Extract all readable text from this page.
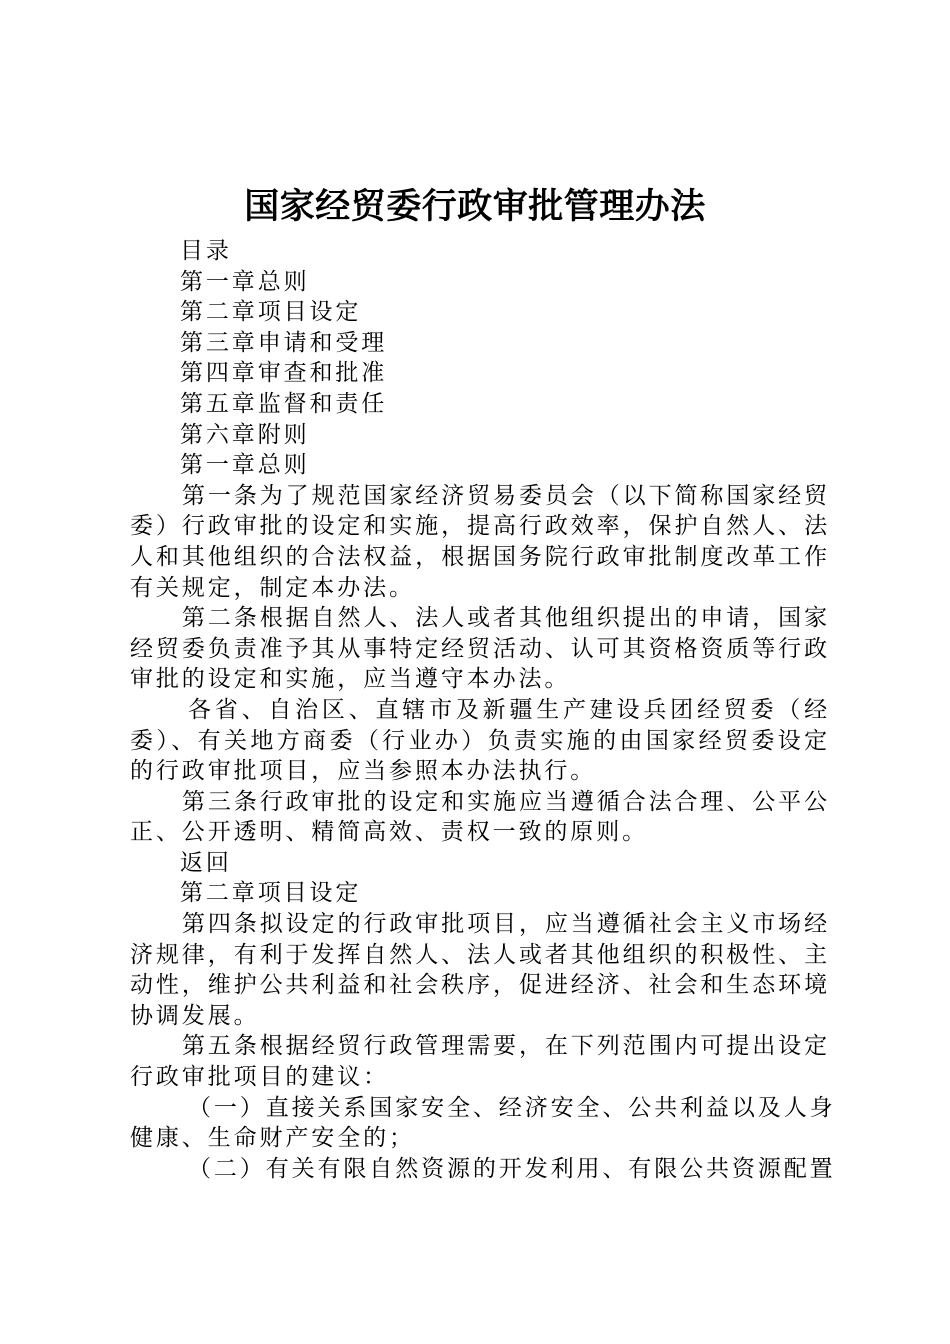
国家经贸委行政审批管理办法
目录
第一章总则
第二章项目设定
第三章申请和受理
第四章审查和批准
第五章监督和责任
第六章附则
第一章总则
第一条为了规范国家经济贸易委员会（以下简称国家经贸
委）行政审批的设定和实施，提高行政效率，保护自然人、法
人和其他组织的合法权益，根据国务院行政审批制度改革工作
有关规定，制定本办法。
第二条根据自然人、法人或者其他组织提出的申请，国家
经贸委负责准予其从事特定经贸活动、认可其资格资质等行政
审批的设定和实施，应当遵守本办法。
各省、自治区、直辖市及新疆生产建设兵团经贸委（经
委）、有关地方商委（行业办）负责实施的由国家经贸委设定
的行政审批项目，应当参照本办法执行。
第三条行政审批的设定和实施应当遵循合法合理、公平公
正、公开透明、精简高效、责权一致的原则。
返回
第二章项目设定
第四条拟设定的行政审批项目，应当遵循社会主义市场经
济规律，有利于发挥自然人、法人或者其他组织的积极性、主
动性，维护公共利益和社会秩序，促进经济、社会和生态环境
协调发展。
第五条根据经贸行政管理需要，在下列范围内可提出设定
行政审批项目的建议：
（一）直接关系国家安全、经济安全、公共利益以及人身
健康、生命财产安全的；
（二）有关有限自然资源的开发利用、有限公共资源配置
